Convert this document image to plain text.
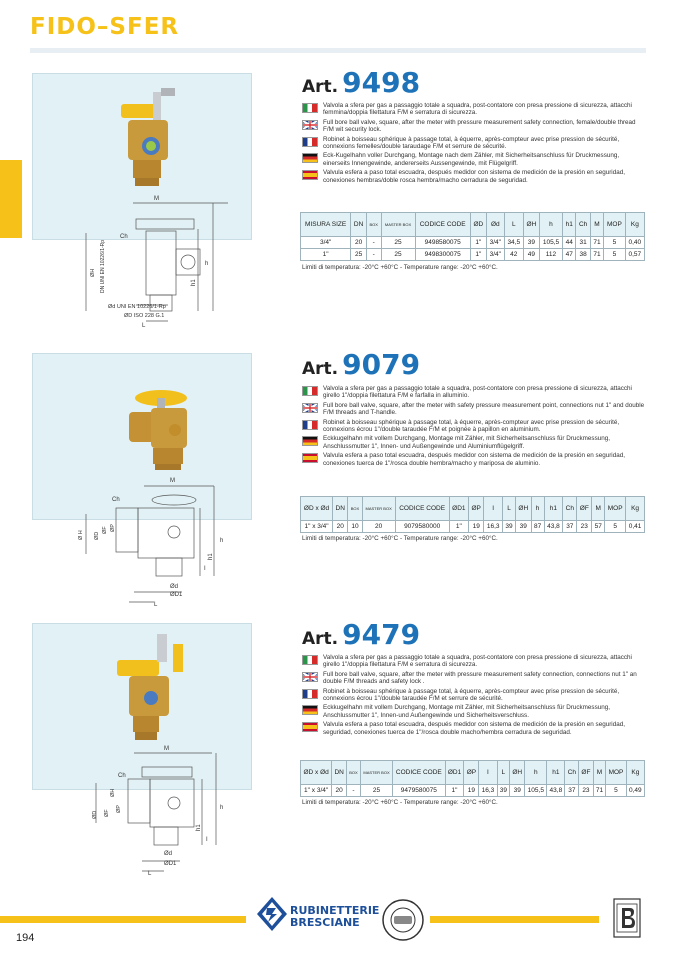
FIDO–SFER
Art. 9498
Valvola a sfera per gas a passaggio totale a squadra, post-contatore con presa pressione di sicurezza, attacchi femmina/doppia filettatura F/M e serratura di sicurezza.
Full bore ball valve, square, after the meter with pressure measurement safety connection, female/double thread F/M wit security lock.
Robinet à boisseau sphérique à passage total, à équerre, après-compteur avec prise pression de sécurité, connexions femelles/double taraudage F/M et serrure de sécurité.
Eck-Kugelhahn voller Durchgang, Montage nach dem Zähler, mit Sicherheitsanschluss für Druckmessung, einerseits Innengewinde, andererseits Aussengewinde, mit Flügelgriff.
Valvula esfera a paso total escuadra, después medidor con sistema de medición de la presión en seguridad, conexiones hembras/doble rosca hembra/macho cerradura de seguridad.
MISURA SIZE	DN	BOX	MASTER BOX	CODICE CODE	ØD	Ød	L	ØH	h	h1	Ch	M	MOP	Kg
3/4"	20	-	25	9498580075	1"	3/4"	34,5	39	105,5	44	31	71	5	0,40
1"	25	-	25	9498300075	1"	3/4"	42	49	112	47	38	71	5	0,57
Limiti di temperatura: -20°C +60°C - Temperature range: -20°C +60°C.
M
Ch
ØH DN UNI EN 10226/1-Rp	h
h1
Ød UNI EN 10226/1-Rp
ØD ISO 228 G.1
L
Art. 9079
Valvola a sfera per gas a passaggio totale a squadra, post-contatore con presa pressione di sicurezza, attacchi girello 1"/doppia filettatura F/M e farfalla in alluminio.
Full bore ball valve, square, after the meter with safety pressure measurement point, connections nut 1" and double F/M threads and T-handle.
Robinet à boisseau sphérique à passage total, à équerre, après-compteur avec prise pression de sécurité, connexions écrou 1"/double taraudée F/M et poignée à papillon en aluminium.
Eckkugelhahn mit vollem Durchgang, Montage mit Zähler, mit Sicherheitsanschluss für Druckmessung, Anschlussmutter 1", Innen- und Außengewinde und Aluminiumflügelgriff.
Valvula esfera a paso total escuadra, después medidor con sistema de medición de la presión en seguridad, conexiones tuerca de 1"/rosca double hembra/macho y mariposa de aluminio.
ØD x Ød	DN	BOX	MASTER BOX	CODICE CODE	ØD1	ØP	I	L	ØH	h	h1	Ch	ØF	M	MOP	Kg
1" x 3/4"	20	10	20	9079580000	1"	19	16,3	39	39	87	43,8	37	23	57	5	0,41
Limiti di temperatura: -20°C +60°C - Temperature range: -20°C +60°C.
M
Ch
Ø H ØD
ØF ØP
h
h1
I
Ød
ØD1
L
Art. 9479
Valvola a sfera per gas a passaggio totale a squadra, post-contatore con presa pressione di sicurezza, attacchi girello 1"/doppia filettatura F/M e serratura di sicurezza.
Full bore ball valve, square, after the meter with pressure measurement safety connection, connections nut 1" an double F/M threads and safety lock .
Robinet à boisseau sphérique à passage total, à équerre, après-compteur avec prise pression de sécurité, connexions écrou 1"/double taraudée F/M et serrure de sécurité.
Eckkugelhahn mit vollem Durchgang, Montage mit Zähler, mit Sicherheitsanschluss für Druckmessung, Anschlussmutter 1", Innen-und Außengewinde und Sicherheitsverschluss.
Valvula esfera a paso total escuadra, después medidor con sistema de medición de la presión en seguridad, seguridad, conexiones tuerca de 1"/rosca double macho/hembra cerradura de seguridad.
ØD x Ød	DN	BOX	MASTER BOX	CODICE CODE	ØD1	ØP	I	L	ØH	h	h1	Ch	ØF	M	MOP	Kg
1" x 3/4"	20	-	25	9479580075	1"	19	16,3	39	39	105,5	43,8	37	23	71	5	0,49
Limiti di temperatura: -20°C +60°C - Temperature range: -20°C +60°C.
M
Ch
ØH
ØD ØF
ØP	h
h1
I
Ød
ØD1
L
194
RUBINETTERIE
BRESCIANE
